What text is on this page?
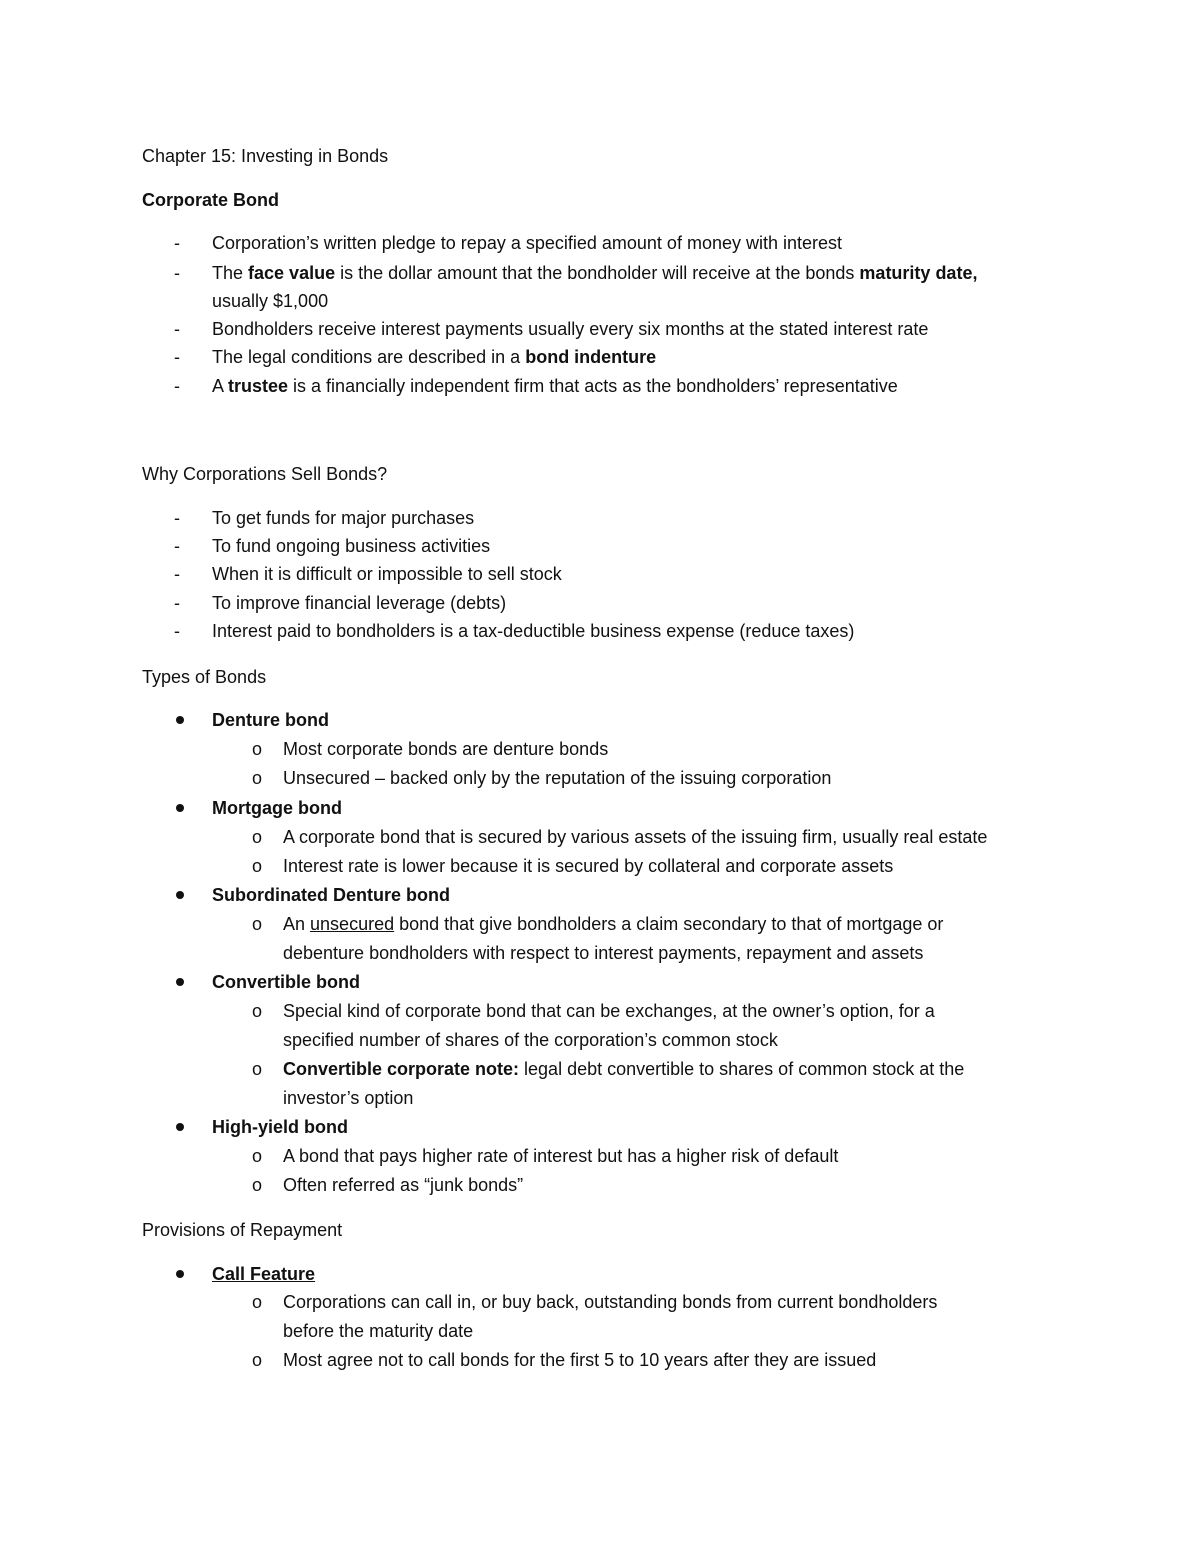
Chapter 15: Investing in Bonds
Corporate Bond
- Corporation’s written pledge to repay a specified amount of money with interest
- The face value is the dollar amount that the bondholder will receive at the bonds maturity date,
usually $1,000
- Bondholders receive interest payments usually every six months at the stated interest rate
- The legal conditions are described in a bond indenture
- A trustee is a financially independent firm that acts as the bondholders’ representative
Why Corporations Sell Bonds?
- To get funds for major purchases
- To fund ongoing business activities
- When it is difficult or impossible to sell stock
- To improve financial leverage (debts)
- Interest paid to bondholders is a tax-deductible business expense (reduce taxes)
Types of Bonds
Denture bond
o Most corporate bonds are denture bonds
o Unsecured – backed only by the reputation of the issuing corporation
Mortgage bond
o A corporate bond that is secured by various assets of the issuing firm, usually real estate
o Interest rate is lower because it is secured by collateral and corporate assets
Subordinated Denture bond
o An unsecured bond that give bondholders a claim secondary to that of mortgage or
debenture bondholders with respect to interest payments, repayment and assets
Convertible bond
o Special kind of corporate bond that can be exchanges, at the owner’s option, for a
specified number of shares of the corporation’s common stock
o Convertible corporate note: legal debt convertible to shares of common stock at the
investor’s option
High-yield bond
o A bond that pays higher rate of interest but has a higher risk of default
o Often referred as “junk bonds”
Provisions of Repayment
Call Feature
o Corporations can call in, or buy back, outstanding bonds from current bondholders
before the maturity date
o Most agree not to call bonds for the first 5 to 10 years after they are issued
